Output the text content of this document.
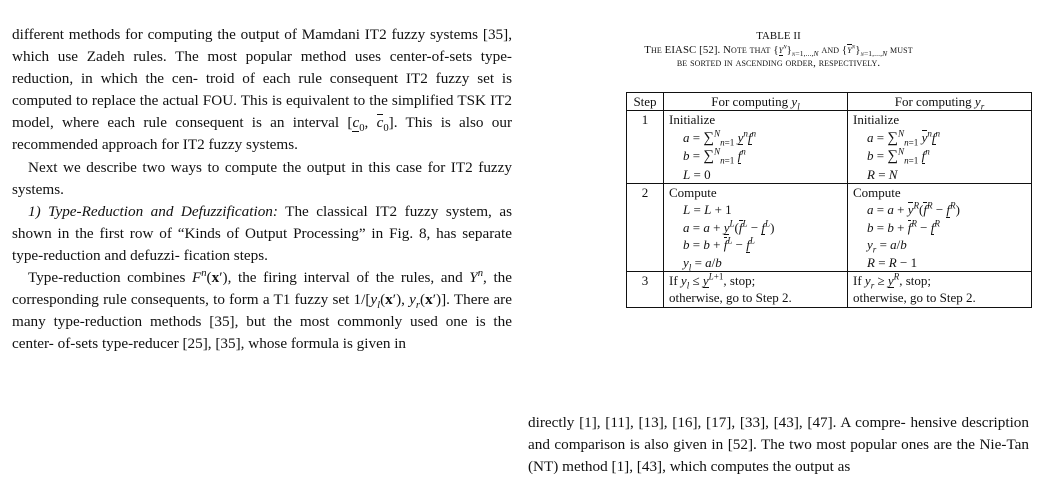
different methods for computing the output of Mamdani IT2 fuzzy systems [35], which use Zadeh rules. The most popular method uses center-of-sets type-reduction, in which the cen- troid of each rule consequent IT2 fuzzy set is computed to replace the actual FOU. This is equivalent to the simplified TSK IT2 model, where each rule consequent is an interval [$c_0$, $c_0$]. This is also our recommended approach for IT2 fuzzy systems.

Next we describe two ways to compute the output in this case for IT2 fuzzy systems.

1) Type-Reduction and Defuzzification: The classical IT2 fuzzy system, as shown in the first row of “Kinds of Output Processing” in Fig. 8, has separate type-reduction and defuzzi- fication steps.

Type-reduction combines $F^n(x')$, the firing interval of the rules, and $Y^n$, the corresponding rule consequents, to form a T1 fuzzy set $1/[y_l(x')$, $y_r(x')$]. There are many type-reduction methods [35], but the most commonly used one is the center- of-sets type-reducer [25], [35], whose formula is given in

TABLE II
The EIASC [52]. Note that $\{y^n\}_{n=1,...,N}$ and $\{y^n\}_{n=1,...,N}$ must
be sorted in ascending order, respectively.
Step	For computing $y_l$	For computing $y_r$
1	Initialize
a = ∑$^N_{n=1}$ $y^nf^n$
b = ∑$^N_{n=1}$ $f^n$
L = 0	Initialize
a = ∑$^N_{n=1}$ $y^nf^n$
b = ∑$^N_{n=1}$ $f^n$
R = N

2	Compute
L = L + 1
$a = a + y^L(f^L - f^L)$
$b = b + f^L - f^L$
$y_l = a/b$	Compute
$a = a + y^R(f^R - f^R)$
$b = b + f^R - f^R$
$y_r = a/b$
R = R − 1

3	If $y_l \le y^{L+1}$, stop;
otherwise, go to Step 2.	If $y_r \ge y^R$, stop;
otherwise, go to Step 2.

directly [1], [11], [13], [16], [17], [33], [43], [47]. A compre- hensive description and comparison is also given in [52]. The two most popular ones are the Nie-Tan (NT) method [1], [43], which computes the output as
